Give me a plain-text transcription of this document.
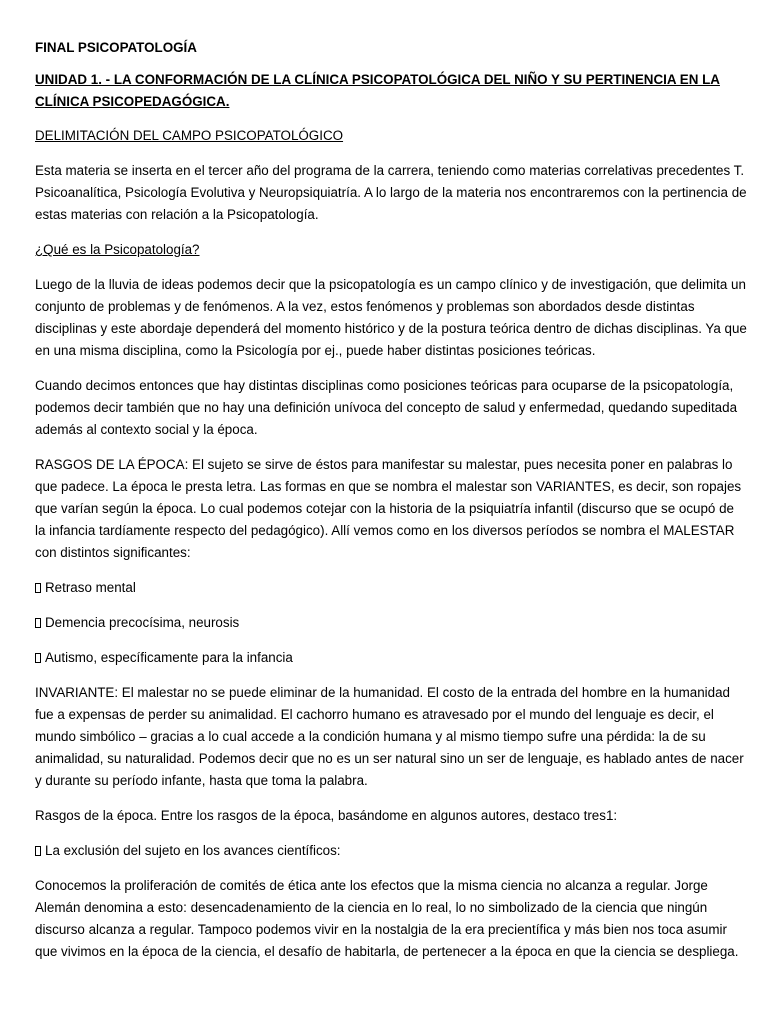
FINAL PSICOPATOLOGÍA
UNIDAD 1. - LA CONFORMACIÓN DE LA CLÍNICA PSICOPATOLÓGICA DEL NIÑO Y SU PERTINENCIA EN LA CLÍNICA PSICOPEDAGÓGICA.
DELIMITACIÓN DEL CAMPO PSICOPATOLÓGICO
Esta materia se inserta en el tercer año del programa de la carrera, teniendo como materias correlativas precedentes T. Psicoanalítica, Psicología Evolutiva y Neuropsiquiatría. A lo largo de la materia nos encontraremos con la pertinencia de estas materias con relación a la Psicopatología.
¿Qué es la Psicopatología?
Luego de la lluvia de ideas podemos decir que la psicopatología es un campo clínico y de investigación, que delimita un conjunto de problemas y de fenómenos. A la vez, estos fenómenos y problemas son abordados desde distintas disciplinas y este abordaje dependerá del momento histórico y de la postura teórica dentro de dichas disciplinas. Ya que en una misma disciplina, como la Psicología por ej., puede haber distintas posiciones teóricas.
Cuando decimos entonces que hay distintas disciplinas como posiciones teóricas para ocuparse de la psicopatología, podemos decir también que no hay una definición unívoca del concepto de salud y enfermedad, quedando supeditada además al contexto social y la época.
RASGOS DE LA ÉPOCA: El sujeto se sirve de éstos para manifestar su malestar, pues necesita poner en palabras lo que padece. La época le presta letra. Las formas en que se nombra el malestar son VARIANTES, es decir, son ropajes que varían según la época. Lo cual podemos cotejar con la historia de la psiquiatría infantil (discurso que se ocupó de la infancia tardíamente respecto del pedagógico). Allí vemos como en los diversos períodos se nombra el MALESTAR con distintos significantes:
Retraso mental
Demencia precocísima, neurosis
Autismo, específicamente para la infancia
INVARIANTE: El malestar no se puede eliminar de la humanidad. El costo de la entrada del hombre en la humanidad fue a expensas de perder su animalidad. El cachorro humano es atravesado por el mundo del lenguaje es decir, el mundo simbólico – gracias a lo cual accede a la condición humana y al mismo tiempo sufre una pérdida: la de su animalidad, su naturalidad. Podemos decir que no es un ser natural sino un ser de lenguaje, es hablado antes de nacer y durante su período infante, hasta que toma la palabra.
Rasgos de la época. Entre los rasgos de la época, basándome en algunos autores, destaco tres1:
La exclusión del sujeto en los avances científicos:
Conocemos la proliferación de comités de ética ante los efectos que la misma ciencia no alcanza a regular. Jorge Alemán denomina a esto: desencadenamiento de la ciencia en lo real, lo no simbolizado de la ciencia que ningún discurso alcanza a regular. Tampoco podemos vivir en la nostalgia de la era precientífica y más bien nos toca asumir que vivimos en la época de la ciencia, el desafío de habitarla, de pertenecer a la época en que la ciencia se despliega.
